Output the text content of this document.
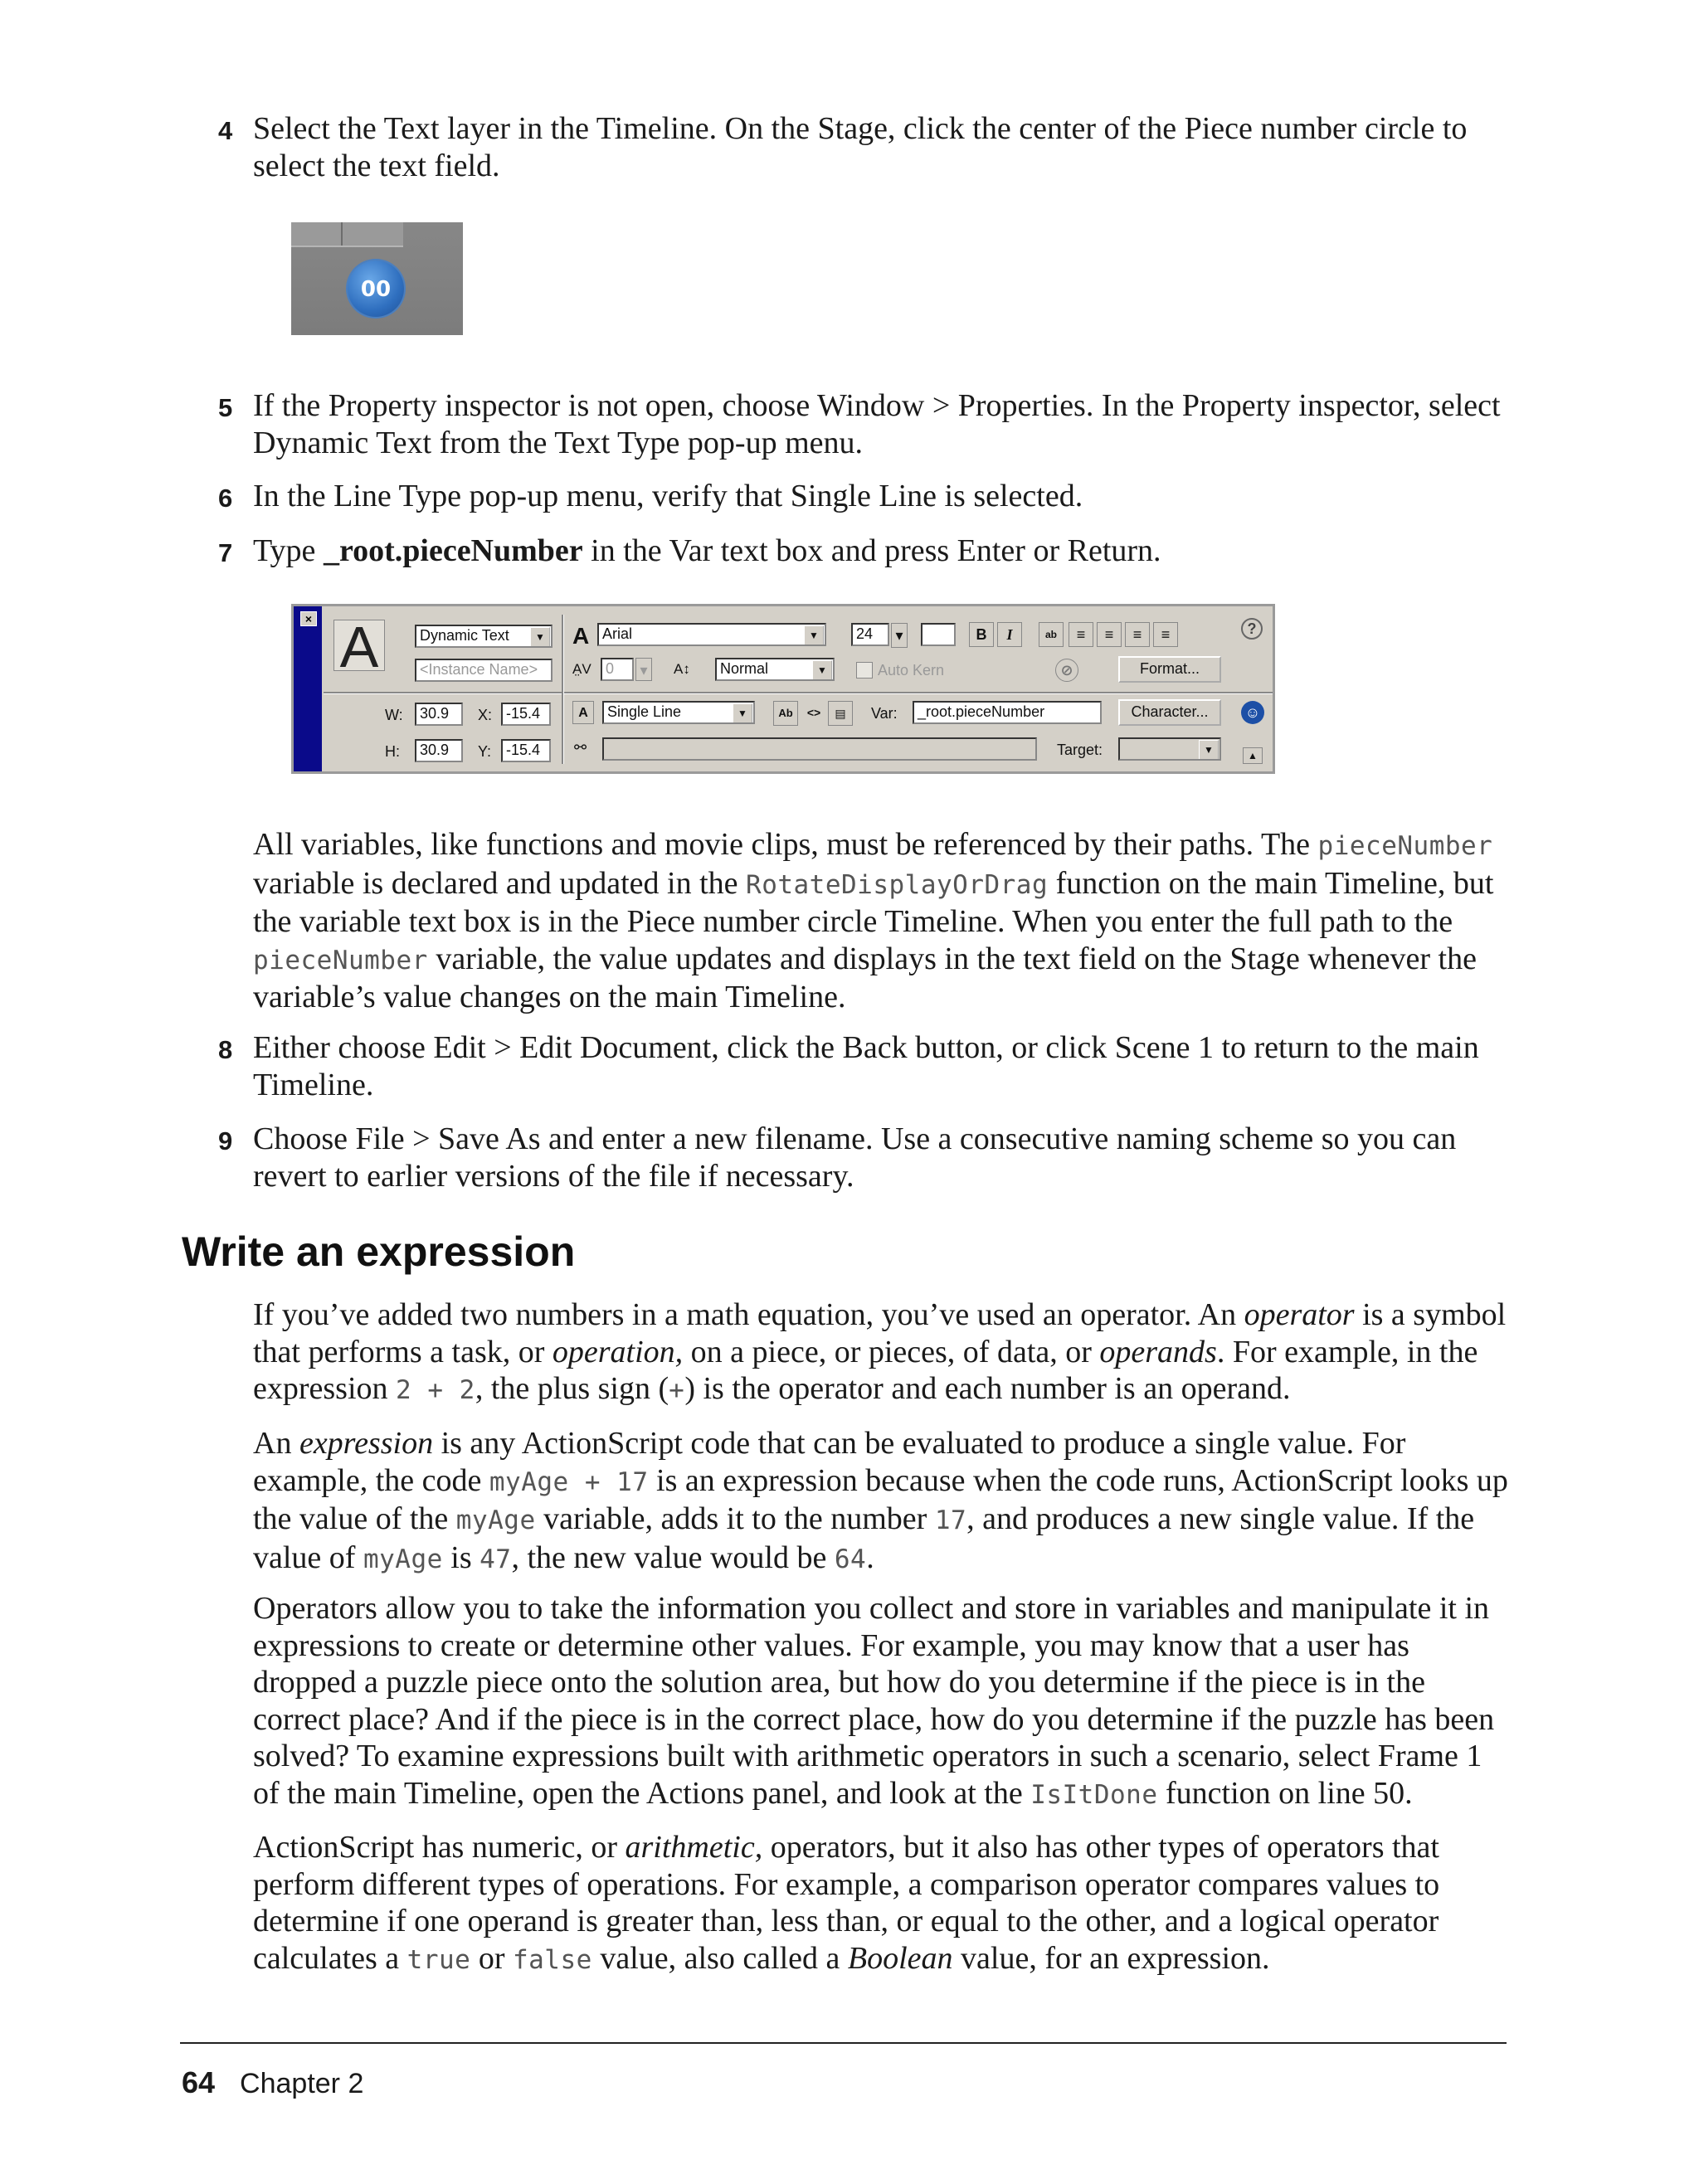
4 Select the Text layer in the Timeline. On the Stage, click the center of the Piece number circle to select the text field.
00
5 If the Property inspector is not open, choose Window > Properties. In the Property inspector, select Dynamic Text from the Text Type pop-up menu.
6 In the Line Type pop-up menu, verify that Single Line is selected.
7 Type _root.pieceNumber in the Var text box and press Enter or Return.
× A	Dynamic Text	▼
<Instance Name>
W:	30.9	X: -15.4
H:	30.9	Y: -15.4
A Arial	▼	24	▾	B	I	ab	≡	≡	≡	≡
A̤V 0	▾	A↕	Normal	▼	Auto Kern	⊘	Format...
A	Single Line	▼	Ab	<>	▤	Var:	_root.pieceNumber	Character...
⚯	Target:	▼
?
☺
▲

All variables, like functions and movie clips, must be referenced by their paths. The pieceNumber variable is declared and updated in the RotateDisplayOrDrag function on the main Timeline, but the variable text box is in the Piece number circle Timeline. When you enter the full path to the pieceNumber variable, the value updates and displays in the text field on the Stage whenever the variable’s value changes on the main Timeline.

8 Either choose Edit > Edit Document, click the Back button, or click Scene 1 to return to the main Timeline.
9 Choose File > Save As and enter a new filename. Use a consecutive naming scheme so you can revert to earlier versions of the file if necessary.
Write an expression

If you’ve added two numbers in a math equation, you’ve used an operator. An operator is a symbol that performs a task, or operation, on a piece, or pieces, of data, or operands. For example, in the expression 2 + 2, the plus sign (+) is the operator and each number is an operand.

An expression is any ActionScript code that can be evaluated to produce a single value. For example, the code myAge + 17 is an expression because when the code runs, ActionScript looks up the value of the myAge variable, adds it to the number 17, and produces a new single value. If the value of myAge is 47, the new value would be 64.

Operators allow you to take the information you collect and store in variables and manipulate it in expressions to create or determine other values. For example, you may know that a user has dropped a puzzle piece onto the solution area, but how do you determine if the piece is in the correct place? And if the piece is in the correct place, how do you determine if the puzzle has been solved? To examine expressions built with arithmetic operators in such a scenario, select Frame 1 of the main Timeline, open the Actions panel, and look at the IsItDone function on line 50.

ActionScript has numeric, or arithmetic, operators, but it also has other types of operators that perform different types of operations. For example, a comparison operator compares values to determine if one operand is greater than, less than, or equal to the other, and a logical operator calculates a true or false value, also called a Boolean value, for an expression.

64 Chapter 2
